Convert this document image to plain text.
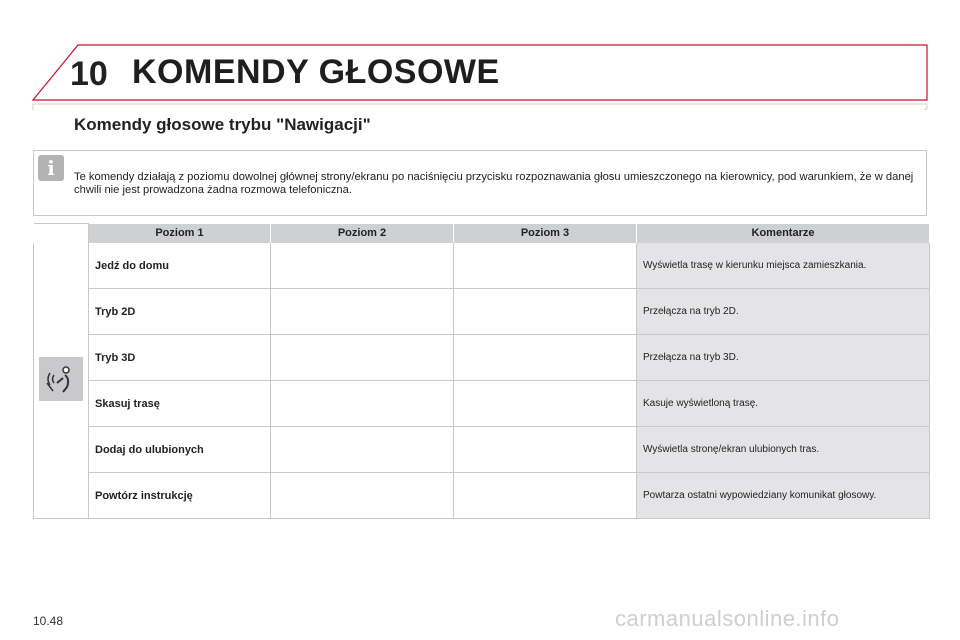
10 KOMENDY GŁOSOWE
Komendy głosowe trybu "Nawigacji"
i	Te komendy działają z poziomu dowolnej głównej strony/ekranu po naciśnięciu przycisku rozpoznawania głosu umieszczonego na kierownicy, pod warunkiem, że w danej chwili nie jest prowadzona żadna rozmowa telefoniczna.
	Poziom 1	Poziom 2	Poziom 3	Komentarze

	Jedź do domu			Wyświetla trasę w kierunku miejsca zamieszkania.
	Tryb 2D			Przełącza na tryb 2D.
	Tryb 3D			Przełącza na tryb 3D.
	Skasuj trasę			Kasuje wyświetloną trasę.
	Dodaj do ulubionych			Wyświetla stronę/ekran ulubionych tras.
	Powtórz instrukcję			Powtarza ostatni wypowiedziany komunikat głosowy.
10.48	carmanualsonline.info
